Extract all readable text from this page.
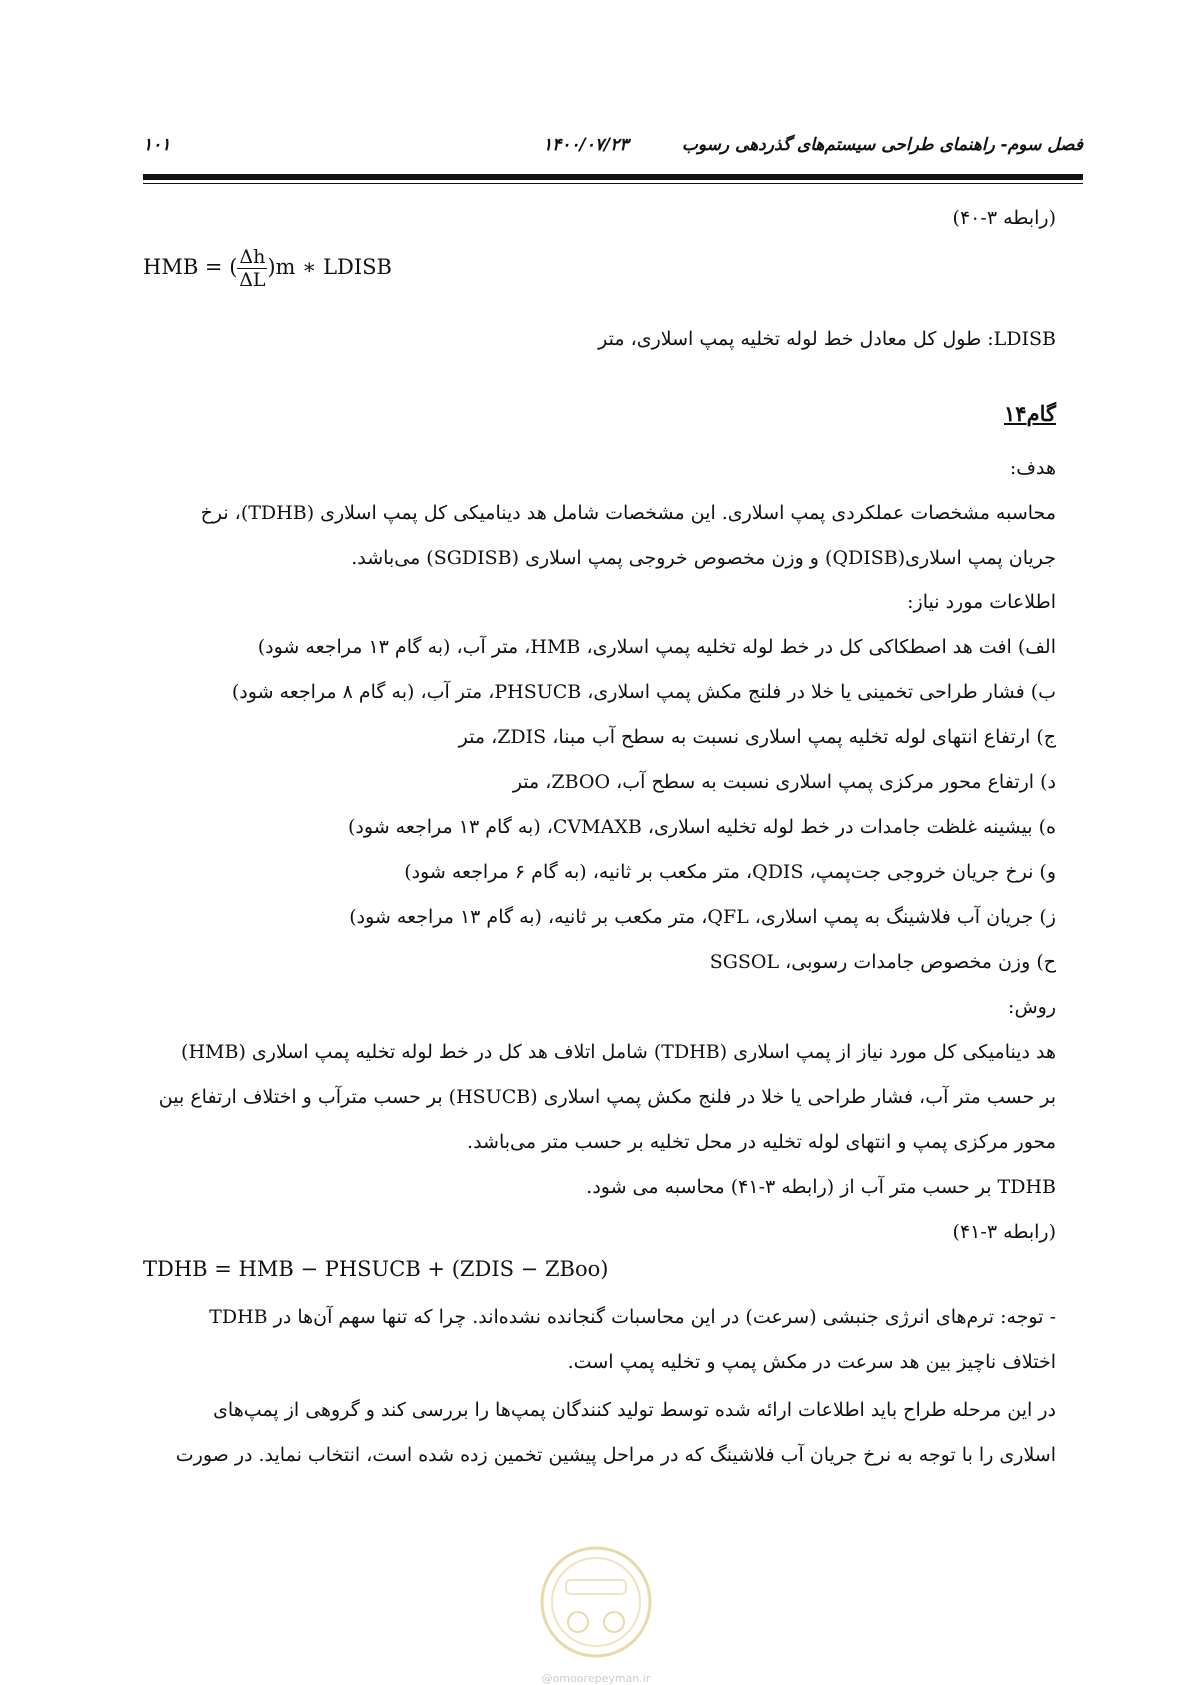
۱۰۱	۱۴۰۰/۰۷/۲۳	فصل سوم- راهنمای طراحی سیستم‌های گذردهی رسوب
(رابطه ۳-۴۰)
HMB = ( $\frac{\Delta h}{\Delta L} )m$ ∗ LDISB
LDISB: طول کل معادل خط لوله تخلیه پمپ اسلاری، متر
گام۱۴
هدف:
محاسبه مشخصات عملکردی پمپ اسلاری. این مشخصات شامل هد دینامیکی کل پمپ اسلاری (TDHB)، نرخ
جریان پمپ اسلاری(QDISB) و وزن مخصوص خروجی پمپ اسلاری (SGDISB) می‌باشد.
اطلاعات مورد نیاز:
الف) افت هد اصطکاکی کل در خط لوله تخلیه پمپ اسلاری، HMB، متر آب، (به گام ۱۳ مراجعه شود)
ب) فشار طراحی تخمینی یا خلا در فلنج مکش پمپ اسلاری، PHSUCB، متر آب، (به گام ۸ مراجعه شود)
ج) ارتفاع انتهای لوله تخلیه پمپ اسلاری نسبت به سطح آب مبنا، ZDIS، متر
د) ارتفاع محور مرکزی پمپ اسلاری نسبت به سطح آب، ZBOO، متر
ه) بیشینه غلظت جامدات در خط لوله تخلیه اسلاری، CVMAXB، (به گام ۱۳ مراجعه شود)
و) نرخ جریان خروجی جت‌پمپ، QDIS، متر مکعب بر ثانیه، (به گام ۶ مراجعه شود)
ز) جریان آب فلاشینگ به پمپ اسلاری، QFL، متر مکعب بر ثانیه، (به گام ۱۳ مراجعه شود)
ح) وزن مخصوص جامدات رسوبی، SGSOL
روش:
هد دینامیکی کل مورد نیاز از پمپ اسلاری (TDHB) شامل اتلاف هد کل در خط لوله تخلیه پمپ اسلاری (HMB)
بر حسب متر آب، فشار طراحی یا خلا در فلنج مکش پمپ اسلاری (HSUCB) بر حسب مترآب و اختلاف ارتفاع بین
محور مرکزی پمپ و انتهای لوله تخلیه در محل تخلیه بر حسب متر می‌باشد.
TDHB بر حسب متر آب از (رابطه ۳-۴۱) محاسبه می شود.
(رابطه ۳-۴۱)
TDHB = HMB − PHSUCB + (ZDIS − ZBoo)
- توجه: ترم‌های انرژی جنبشی (سرعت) در این محاسبات گنجانده نشده‌اند. چرا که تنها سهم آن‌ها در TDHB
اختلاف ناچیز بین هد سرعت در مکش پمپ و تخلیه پمپ است.
در این مرحله طراح باید اطلاعات ارائه شده توسط تولید کنندگان پمپ‌ها را بررسی کند و گروهی از پمپ‌های
اسلاری را با توجه به نرخ جریان آب فلاشینگ که در مراحل پیشین تخمین زده شده است، انتخاب نماید. در صورت
@omoorepeyman.ir
